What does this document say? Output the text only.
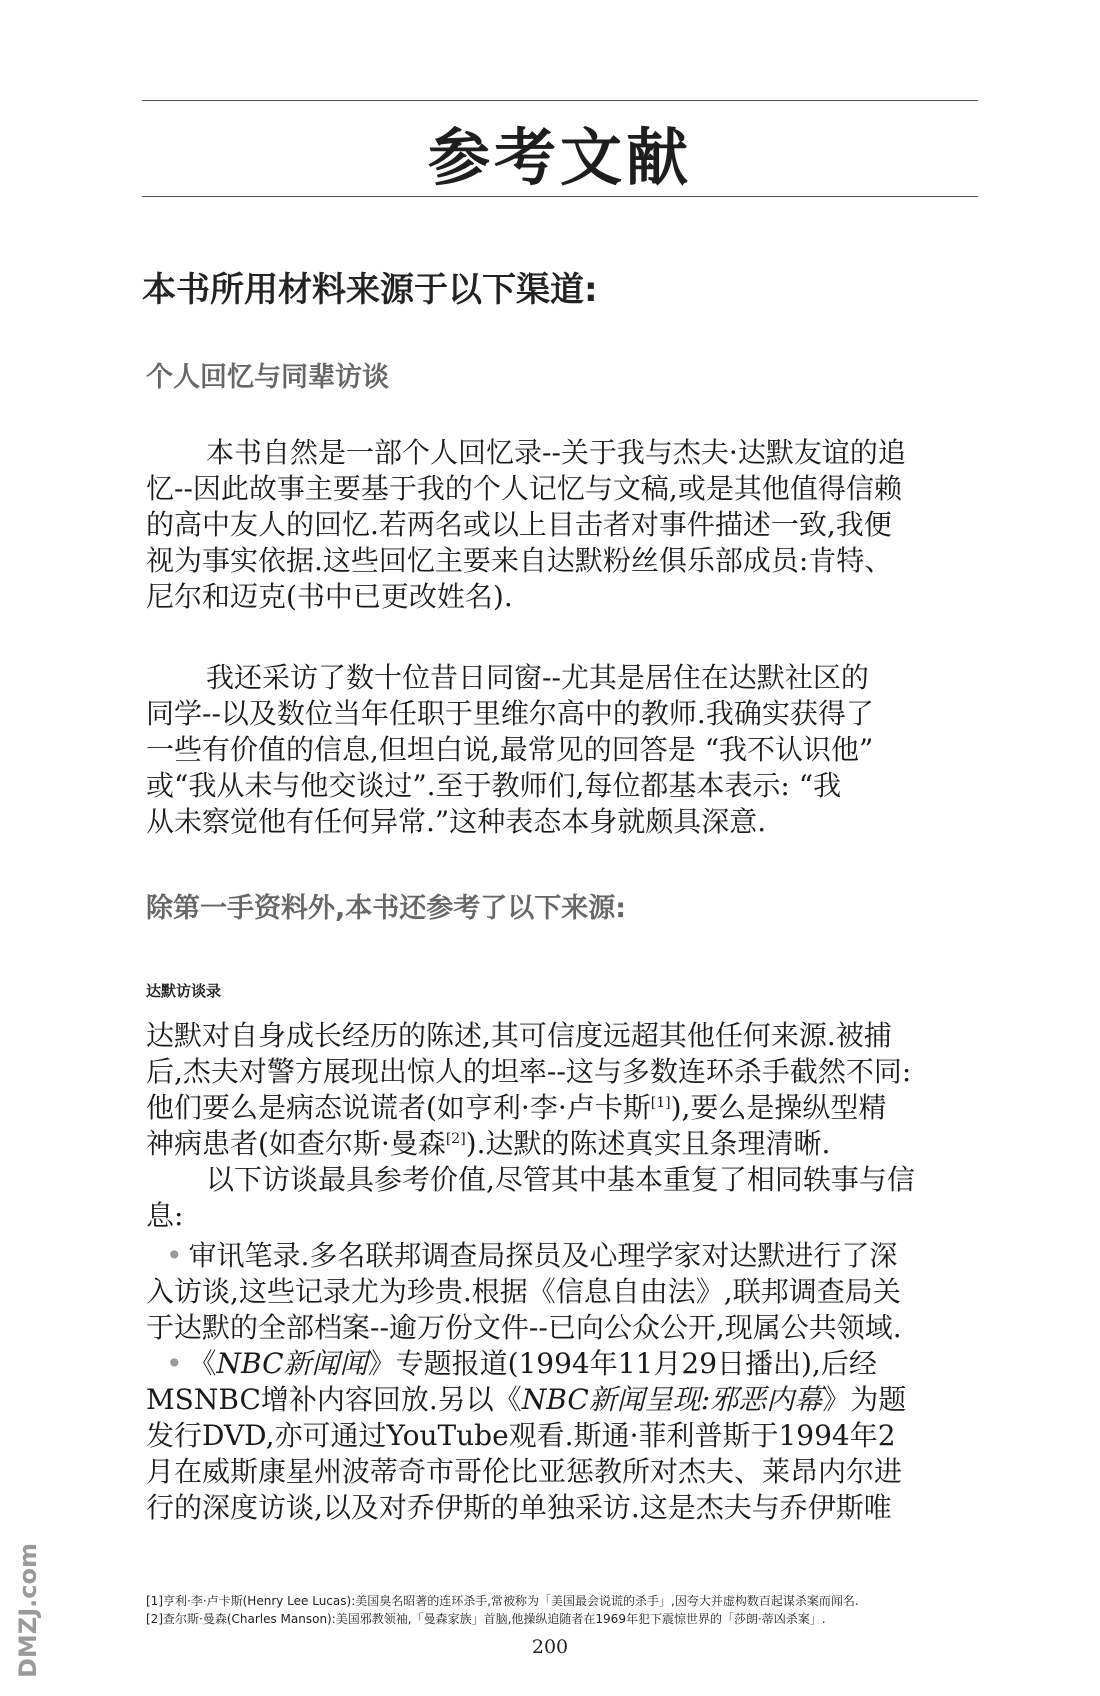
参考文献
本书所用材料来源于以下渠道:
个人回忆与同辈访谈
本书自然是一部个人回忆录--关于我与杰夫·达默友谊的追
忆--因此故事主要基于我的个人记忆与文稿,或是其他值得信赖
的高中友人的回忆.若两名或以上目击者对事件描述一致,我便
视为事实依据.这些回忆主要来自达默粉丝俱乐部成员:肯特、
尼尔和迈克(书中已更改姓名).
我还采访了数十位昔日同窗--尤其是居住在达默社区的
同学--以及数位当年任职于里维尔高中的教师.我确实获得了
一些有价值的信息,但坦白说,最常见的回答是 “我不认识他”
或“我从未与他交谈过”.至于教师们,每位都基本表示: “我
从未察觉他有任何异常.”这种表态本身就颇具深意.
除第一手资料外,本书还参考了以下来源:
达默访谈录
达默对自身成长经历的陈述,其可信度远超其他任何来源.被捕
后,杰夫对警方展现出惊人的坦率--这与多数连环杀手截然不同:
他们要么是病态说谎者(如亨利·李·卢卡斯[1]),要么是操纵型精
神病患者(如查尔斯·曼森[2]).达默的陈述真实且条理清晰.
以下访谈最具参考价值,尽管其中基本重复了相同轶事与信
息:
• 审讯笔录.多名联邦调查局探员及心理学家对达默进行了深
入访谈,这些记录尤为珍贵.根据《信息自由法》,联邦调查局关
于达默的全部档案--逾万份文件--已向公众公开,现属公共领域.
• 《NBC新闻闻》专题报道(1994年11月29日播出),后经
MSNBC增补内容回放.另以《NBC新闻呈现:邪恶内幕》为题
发行DVD,亦可通过YouTube观看.斯通·菲利普斯于1994年2
月在威斯康星州波蒂奇市哥伦比亚惩教所对杰夫、莱昂内尔进
行的深度访谈,以及对乔伊斯的单独采访.这是杰夫与乔伊斯唯
[1]亨利·李·卢卡斯(Henry Lee Lucas):美国臭名昭著的连环杀手,常被称为「美国最会说谎的杀手」,因夸大并虚构数百起谋杀案而闻名.
[2]查尔斯·曼森(Charles Manson):美国邪教领袖,「曼森家族」首脑,他操纵追随者在1969年犯下震惊世界的「莎朗·蒂凶杀案」.
200
DMZJ.com
